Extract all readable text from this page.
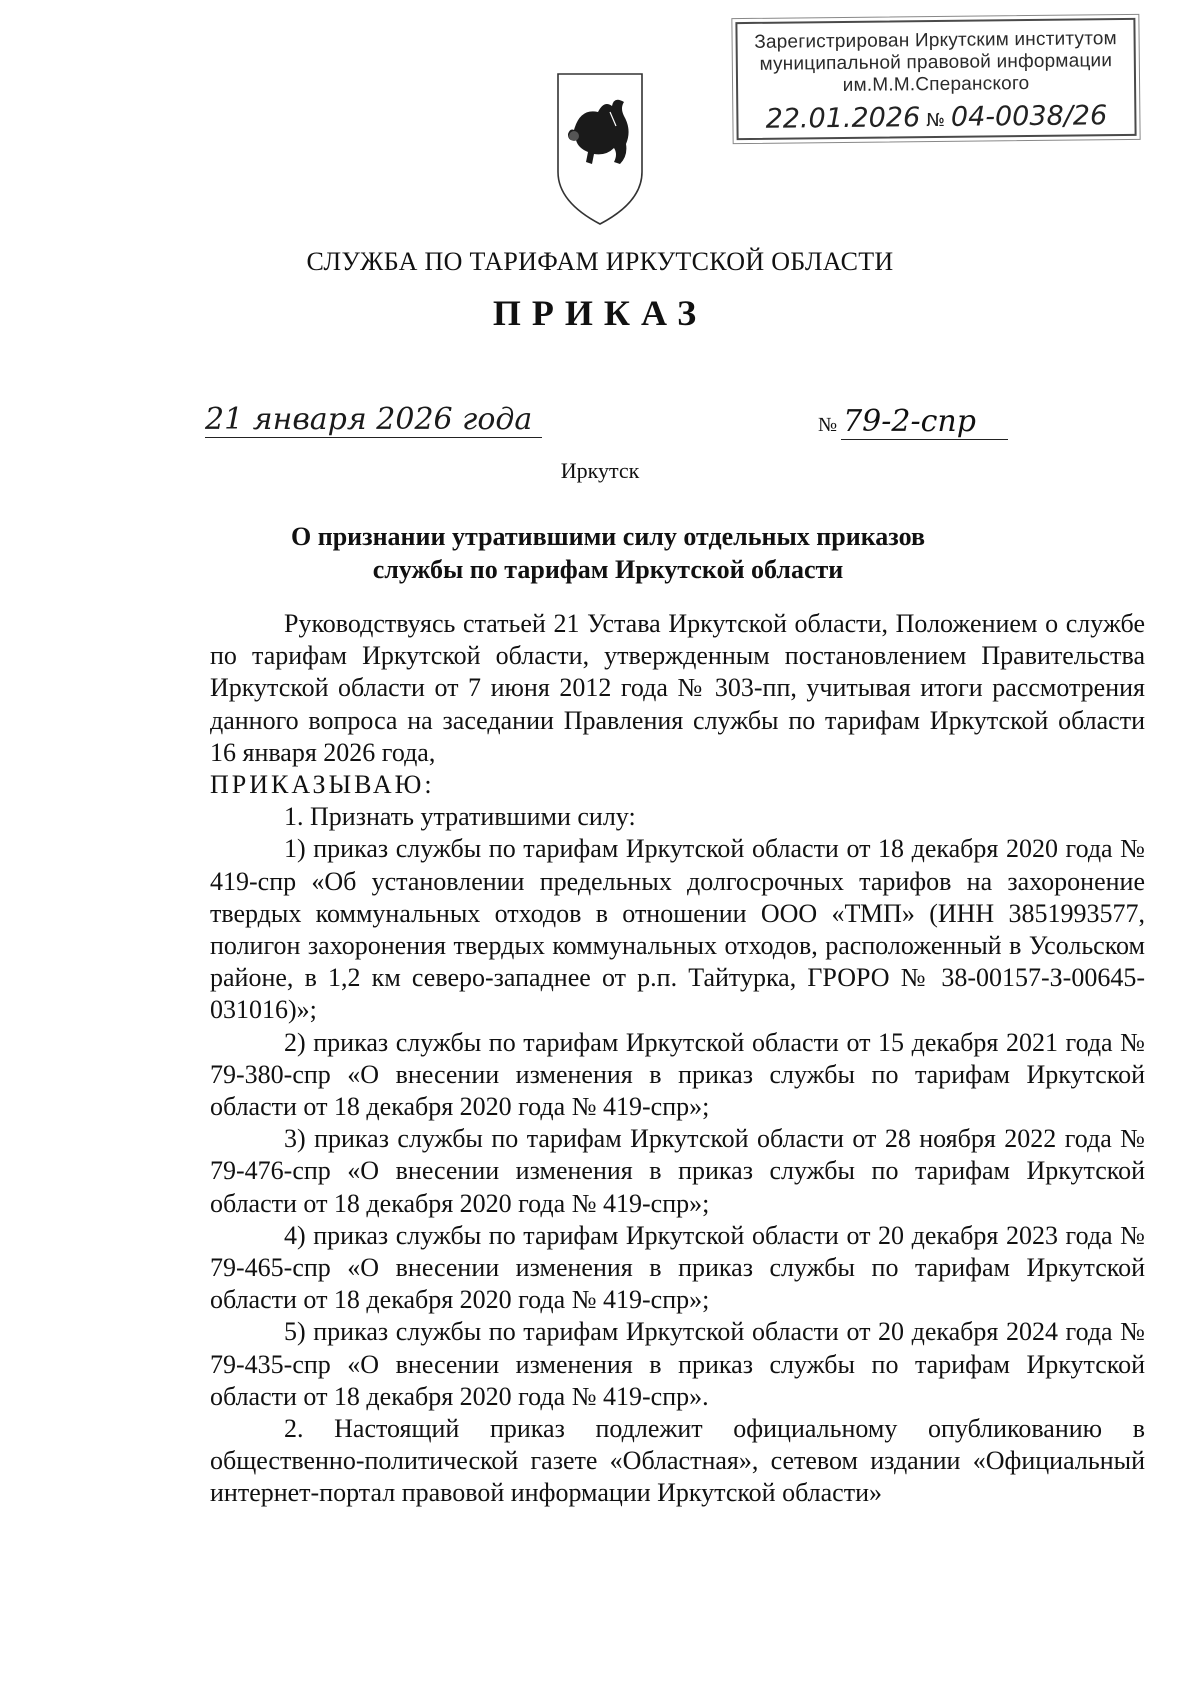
Зарегистрирован Иркутским институтом
муниципальной правовой информации
им.М.М.Сперанского
22.01.2026 № 04-0038/26
СЛУЖБА ПО ТАРИФАМ ИРКУТСКОЙ ОБЛАСТИ
ПРИКАЗ
21 января 2026 года	№ 79-2-спр
Иркутск
О признании утратившими силу отдельных приказов службы по тарифам Иркутской области

Руководствуясь статьей 21 Устава Иркутской области, Положением о службе по тарифам Иркутской области, утвержденным постановлением Правительства Иркутской области от 7 июня 2012 года № 303-пп, учитывая итоги рассмотрения данного вопроса на заседании Правления службы по тарифам Иркутской области 16 января 2026 года,

ПРИКАЗЫВАЮ:

1. Признать утратившими силу:

1) приказ службы по тарифам Иркутской области от 18 декабря 2020 года № 419-спр «Об установлении предельных долгосрочных тарифов на захоронение твердых коммунальных отходов в отношении ООО «ТМП» (ИНН 3851993577, полигон захоронения твердых коммунальных отходов, расположенный в Усольском районе, в 1,2 км северо-западнее от р.п. Тайтурка, ГРОРО № 38-00157-З-00645-031016)»;

2) приказ службы по тарифам Иркутской области от 15 декабря 2021 года № 79-380-спр «О внесении изменения в приказ службы по тарифам Иркутской области от 18 декабря 2020 года № 419-спр»;

3) приказ службы по тарифам Иркутской области от 28 ноября 2022 года № 79-476-спр «О внесении изменения в приказ службы по тарифам Иркутской области от 18 декабря 2020 года № 419-спр»;

4) приказ службы по тарифам Иркутской области от 20 декабря 2023 года № 79-465-спр «О внесении изменения в приказ службы по тарифам Иркутской области от 18 декабря 2020 года № 419-спр»;

5) приказ службы по тарифам Иркутской области от 20 декабря 2024 года № 79-435-спр «О внесении изменения в приказ службы по тарифам Иркутской области от 18 декабря 2020 года № 419-спр».

2. Настоящий приказ подлежит официальному опубликованию в общественно-политической газете «Областная», сетевом издании «Официальный интернет-портал правовой информации Иркутской области»
